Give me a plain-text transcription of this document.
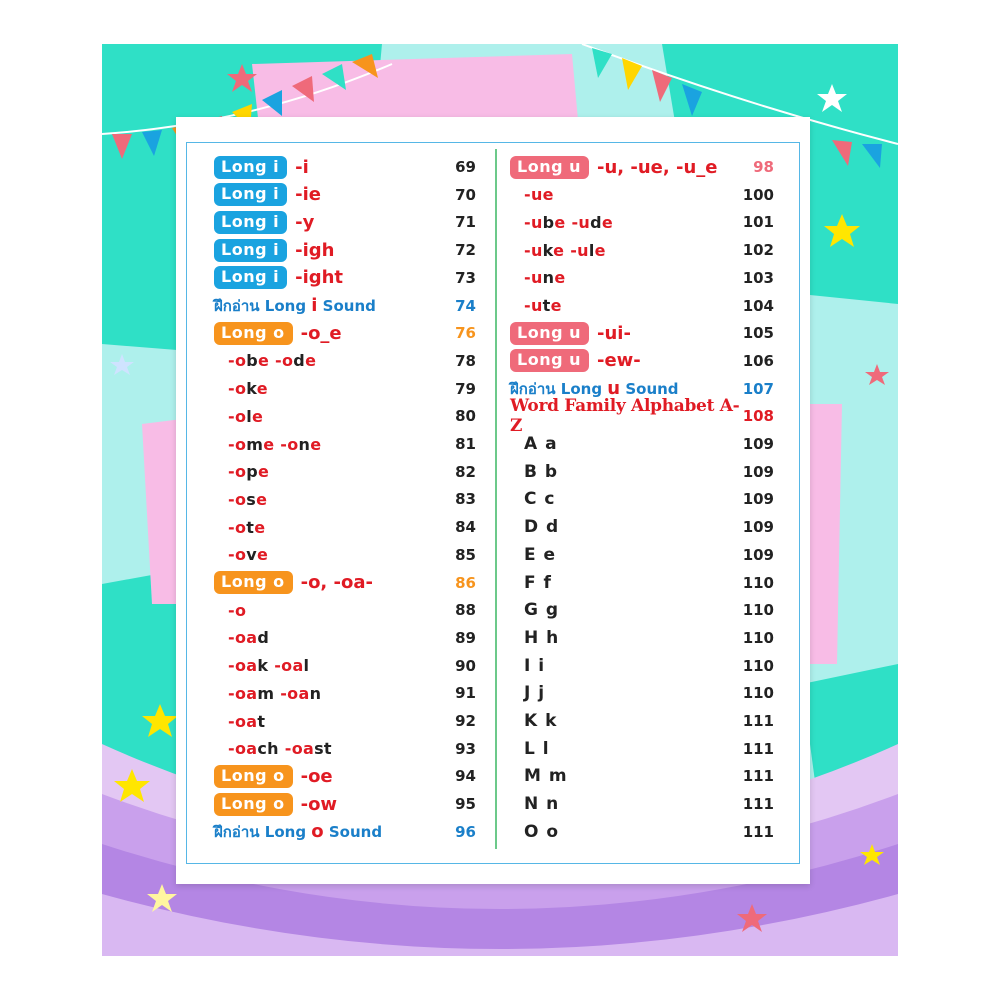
Long i -i	69
Long i -ie	70
Long i -y	71
Long i -igh	72
Long i -ight	73
ฝึกอ่าน Long i Sound	74
Long o -o_e	76
-obe -ode	78
-oke	79
-ole	80
-ome -one	81
-ope	82
-ose	83
-ote	84
-ove	85
Long o -o, -oa-	86
-o	88
-oad	89
-oak -oal	90
-oam -oan	91
-oat	92
-oach -oast	93
Long o -oe	94
Long o -ow	95
ฝึกอ่าน Long o Sound	96
Long u -u, -ue, -u_e 98
-ue	100
-ube -ude	101
-uke -ule	102
-une	103
-ute	104
Long u -ui-	105
Long u -ew-	106
ฝึกอ่าน Long u Sound	107
Word Family Alphabet A-Z	108
A a	109
B b	109
C c	109
D d	109
E e	109
F f	110
G g	110
H h	110
I i	110
J j	110
K k	111
L l	111
M m	111
N n	111
O o	111
